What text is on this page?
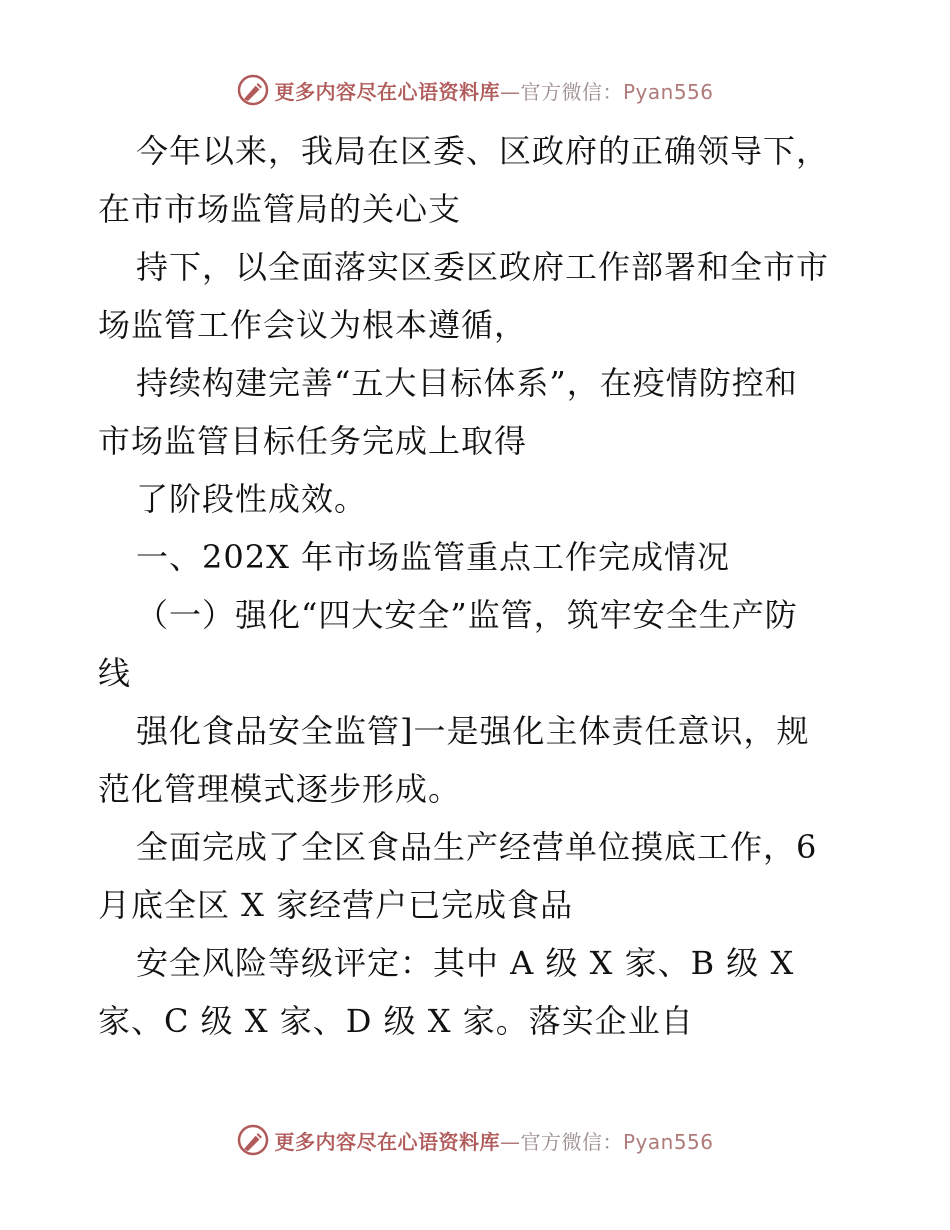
更多内容尽在心语资料库—官方微信：Pyan556
今年以来，我局在区委、区政府的正确领导下，
在市市场监管局的关心支
持下，以全面落实区委区政府工作部署和全市市
场监管工作会议为根本遵循，
持续构建完善“五大目标体系”，在疫情防控和
市场监管目标任务完成上取得
了阶段性成效。
一、202X 年市场监管重点工作完成情况
（一）强化“四大安全”监管，筑牢安全生产防
线
强化食品安全监管]一是强化主体责任意识，规
范化管理模式逐步形成。
全面完成了全区食品生产经营单位摸底工作，6
月底全区 X 家经营户已完成食品
安全风险等级评定：其中 A 级 X 家、B 级 X
家、C 级 X 家、D 级 X 家。落实企业自
更多内容尽在心语资料库—官方微信：Pyan556
